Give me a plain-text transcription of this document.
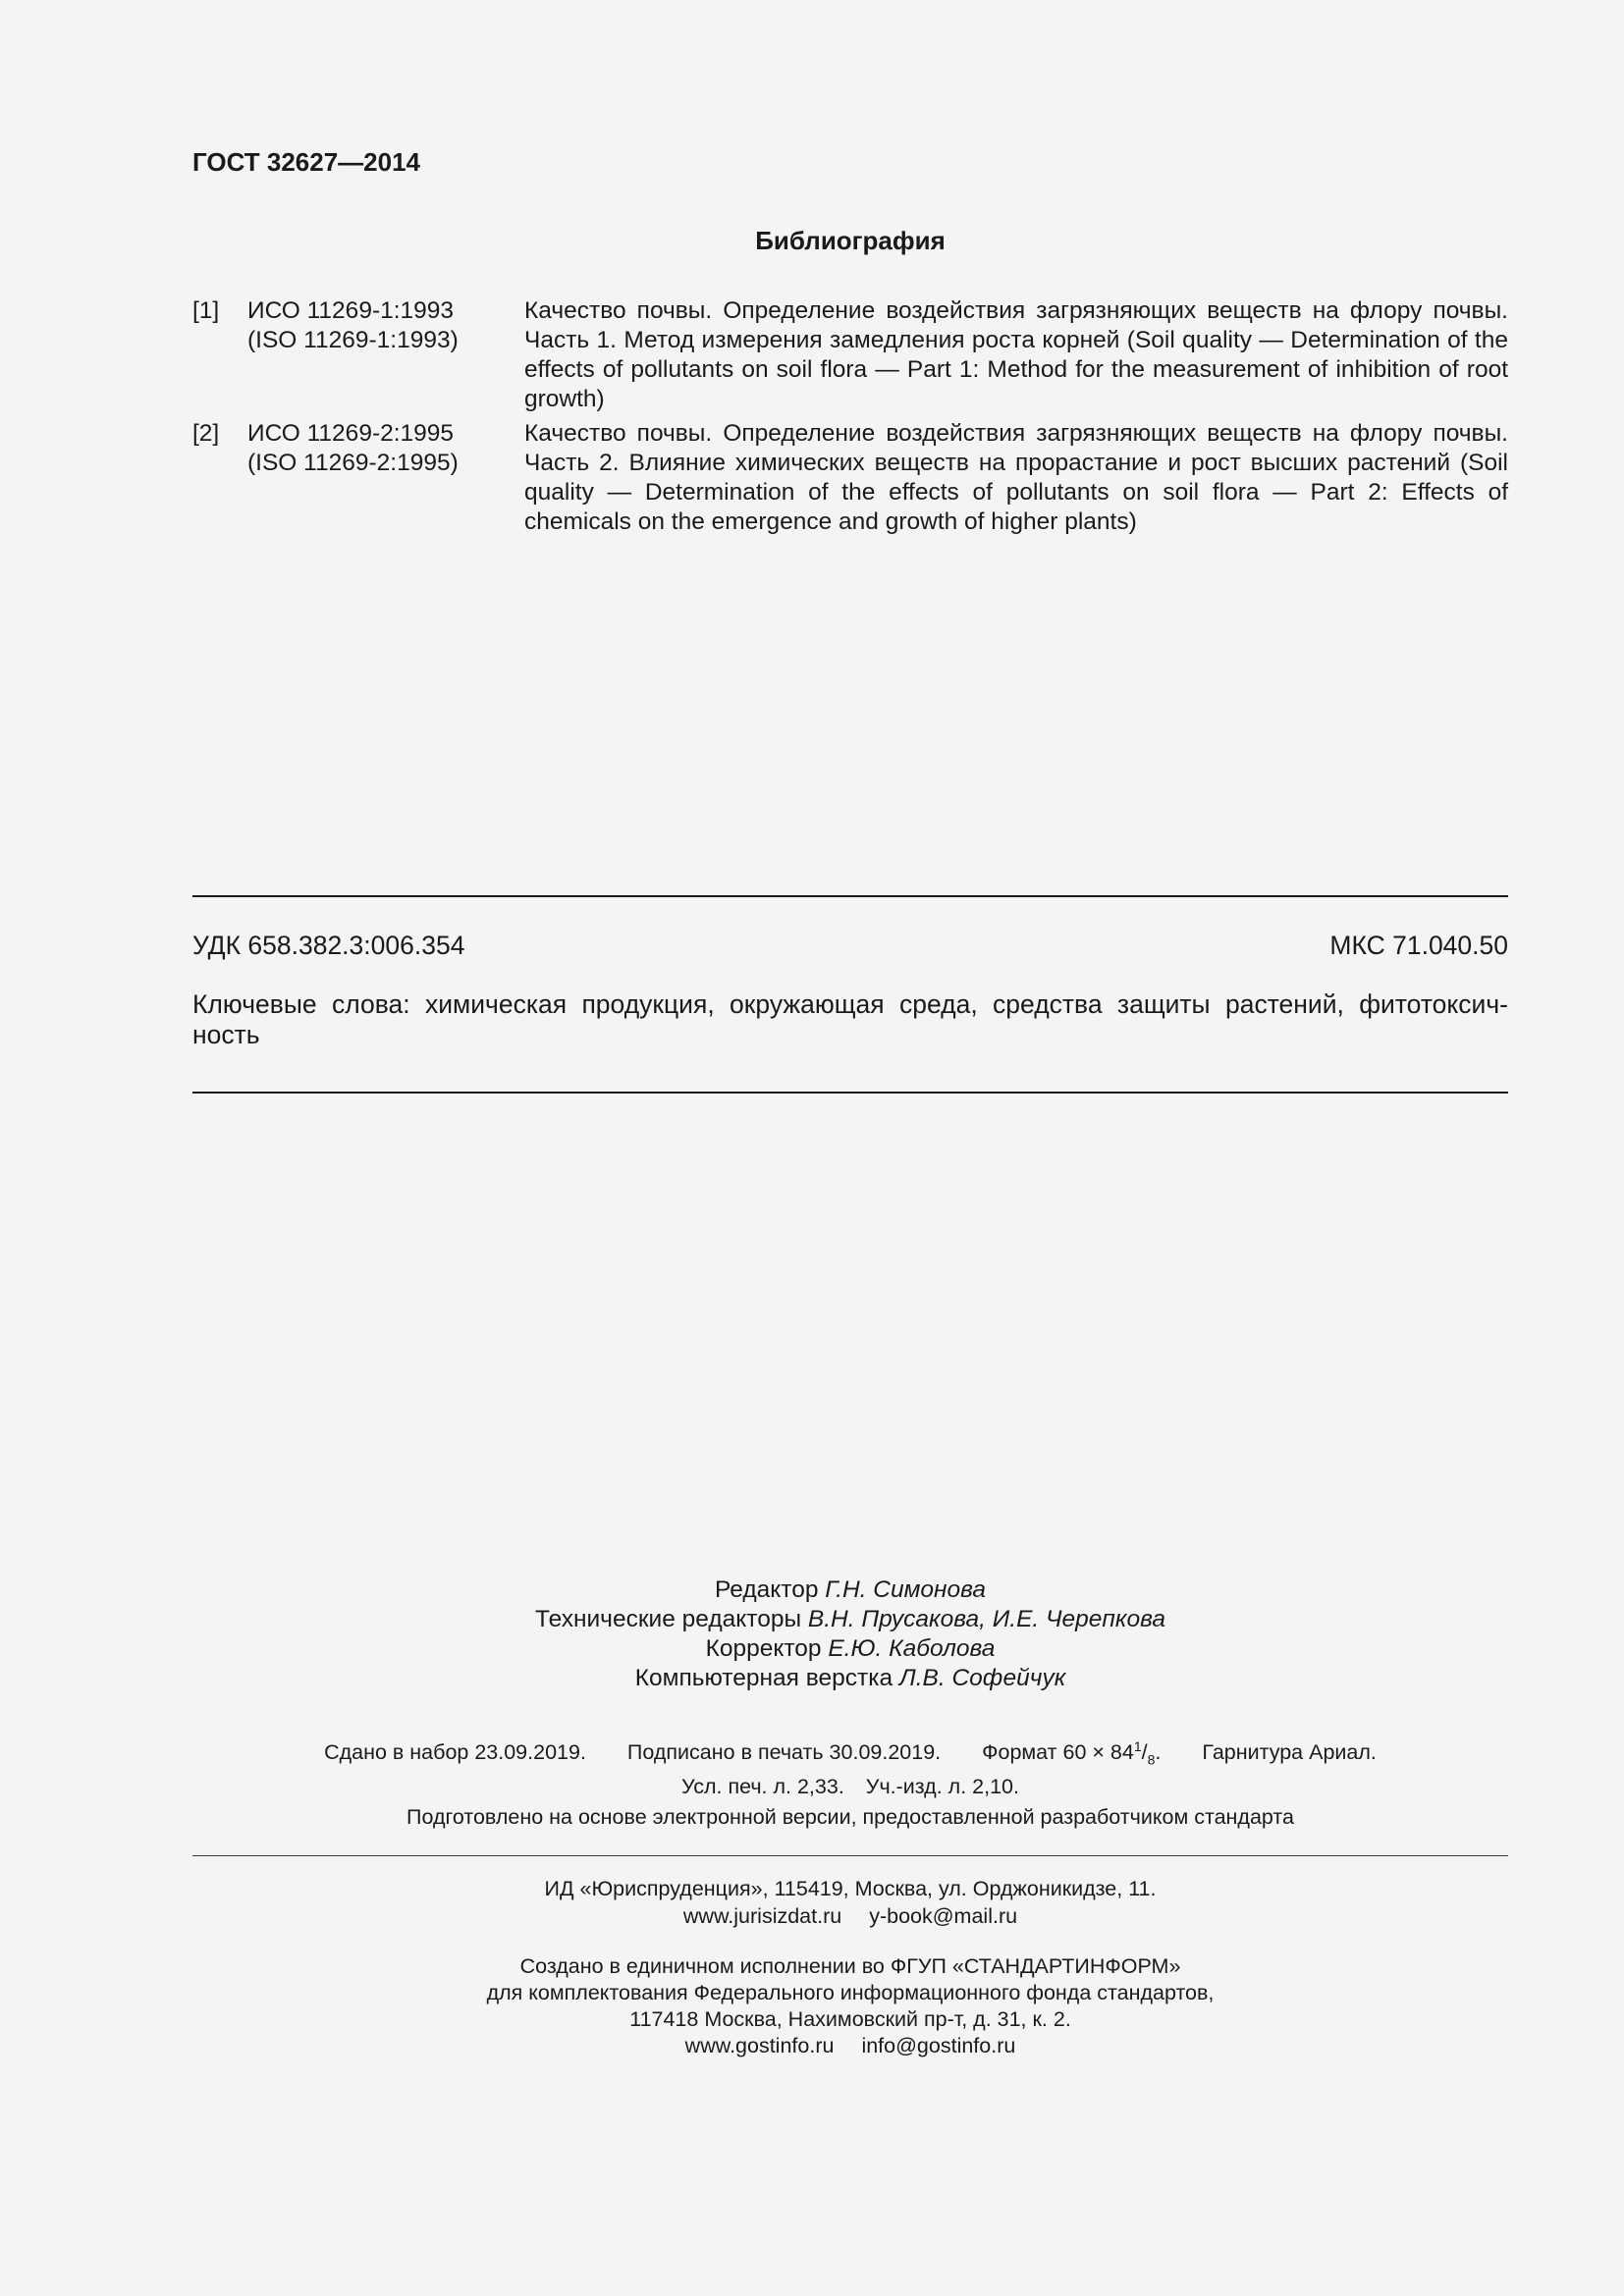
ГОСТ 32627—2014
Библиография
[1] ИСО 11269-1:1993
(ISO 11269-1:1993)
Качество почвы. Определение воздействия загрязняющих веществ на флору почвы. Часть 1. Метод измерения замедления роста корней (Soil quality — Determination of the effects of pollutants on soil flora — Part 1: Method for the measurement of inhibition of root growth)
[2] ИСО 11269-2:1995
(ISO 11269-2:1995)
Качество почвы. Определение воздействия загрязняющих веществ на флору почвы. Часть 2. Влияние химических веществ на прорастание и рост высших растений (Soil quality — Determination of the effects of pollutants on soil flora — Part 2: Effects of chemicals on the emergence and growth of higher plants)
УДК 658.382.3:006.354	МКС 71.040.50
Ключевые слова: химическая продукция, окружающая среда, средства защиты растений, фитотоксич-
ность
Редактор Г.Н. Симонова
Технические редакторы В.Н. Прусакова, И.Е. Черепкова
Корректор Е.Ю. Каболова
Компьютерная верстка Л.В. Софейчук
Сдано в набор 23.09.2019. Подписано в печать 30.09.2019. Формат $60 \times 84^1/_8$. Гарнитура Ариал.
Усл. печ. л. 2,33. Уч.-изд. л. 2,10.
Подготовлено на основе электронной версии, предоставленной разработчиком стандарта
ИД «Юриспруденция», 115419, Москва, ул. Орджоникидзе, 11.
www.jurisizdat.ru y-book@mail.ru
Создано в единичном исполнении во ФГУП «СТАНДАРТИНФОРМ»
для комплектования Федерального информационного фонда стандартов,
117418 Москва, Нахимовский пр-т, д. 31, к. 2.
www.gostinfo.ru info@gostinfo.ru
